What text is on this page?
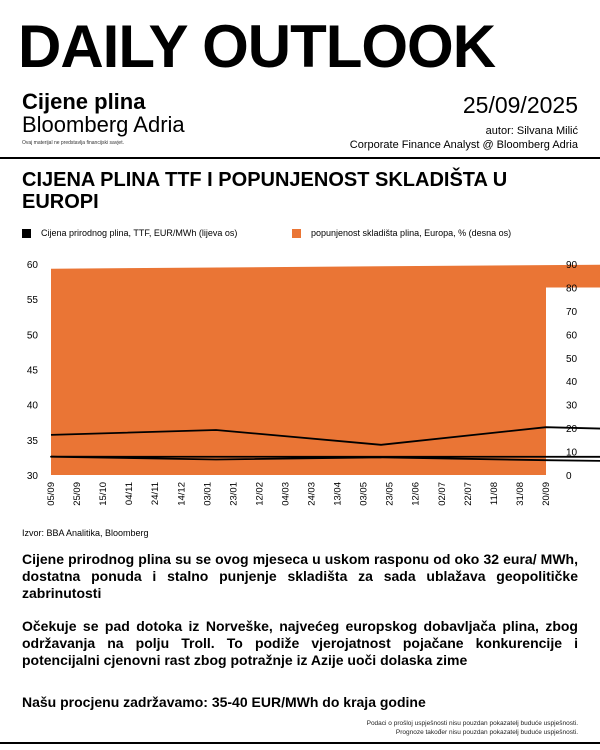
DAILY OUTLOOK
Cijene plina
Bloomberg Adria
Ovaj materijal ne predstavlja financijski savjet.
25/09/2025
autor: Silvana Milić
Corporate Finance Analyst @ Bloomberg Adria
CIJENA PLINA TTF I POPUNJENOST SKLADIŠTA U EUROPI
Cijena prirodnog plina, TTF, EUR/MWh (lijeva os)	popunjenost skladišta plina, Europa, % (desna os)
30
35
40
45
50
55
60
0
10
20
30
40
50
60
70
80
90
05/09 25/09 15/10 04/11 24/11 14/12 03/01 23/01 12/02 04/03 24/03 13/04 03/05 23/05 12/06 02/07 22/07 11/08 31/08 20/09
Izvor: BBA Analitika, Bloomberg
Cijene prirodnog plina su se ovog mjeseca u uskom rasponu od oko 32 eura/ MWh, dostatna ponuda i stalno punjenje skladišta za sada ublažava geopolitičke zabrinutosti
Očekuje se pad dotoka iz Norveške, najvećeg europskog dobavljača plina, zbog održavanja na polju Troll. To podiže vjerojatnost pojačane konkurencije i potencijalni cjenovni rast zbog potražnje iz Azije uoči dolaska zime
Našu procjenu zadržavamo: 35-40 EUR/MWh do kraja godine
Podaci o prošloj uspješnosti nisu pouzdan pokazatelj buduće uspješnosti.
Prognoze također nisu pouzdan pokazatelj buduće uspješnosti.
